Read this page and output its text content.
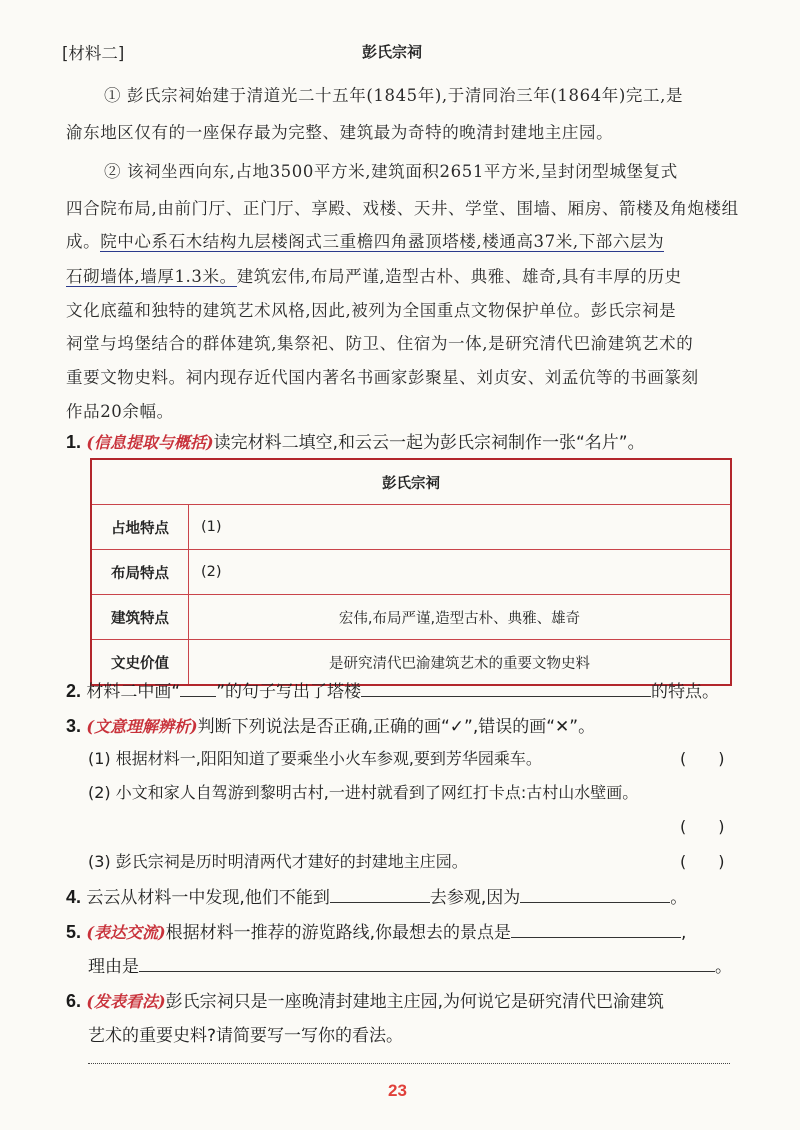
[材料二]	彭氏宗祠
① 彭氏宗祠始建于清道光二十五年(1845年),于清同治三年(1864年)完工,是
渝东地区仅有的一座保存最为完整、建筑最为奇特的晚清封建地主庄园。
② 该祠坐西向东,占地3500平方米,建筑面积2651平方米,呈封闭型城堡复式
四合院布局,由前门厅、正门厅、享殿、戏楼、天井、学堂、围墙、厢房、箭楼及角炮楼组
成。院中心系石木结构九层楼阁式三重檐四角盝顶塔楼,楼通高37米,下部六层为
石砌墙体,墙厚1.3米。建筑宏伟,布局严谨,造型古朴、典雅、雄奇,具有丰厚的历史
文化底蕴和独特的建筑艺术风格,因此,被列为全国重点文物保护单位。彭氏宗祠是
祠堂与坞堡结合的群体建筑,集祭祀、防卫、住宿为一体,是研究清代巴渝建筑艺术的
重要文物史料。祠内现存近代国内著名书画家彭聚星、刘贞安、刘孟伉等的书画篆刻
作品20余幅。
1. (信息提取与概括)读完材料二填空,和云云一起为彭氏宗祠制作一张“名片”。
彭氏宗祠	
占地特点	(1)
布局特点	(2)
建筑特点	宏伟,布局严谨,造型古朴、典雅、雄奇
文史价值	是研究清代巴渝建筑艺术的重要文物史料
2. 材料二中画“ ”的句子写出了塔楼	的特点。
3. (文意理解辨析)判断下列说法是否正确,正确的画“✓”,错误的画“✕”。
(1) 根据材料一,阳阳知道了要乘坐小火车参观,要到芳华园乘车。	(　　)
(2) 小文和家人自驾游到黎明古村,一进村就看到了网红打卡点:古村山水壁画。
(　　)
(3) 彭氏宗祠是历时明清两代才建好的封建地主庄园。	(　　)
4. 云云从材料一中发现,他们不能到	去参观,因为	。
5. (表达交流)根据材料一推荐的游览路线,你最想去的景点是	,
理由是	。
6. (发表看法)彭氏宗祠只是一座晚清封建地主庄园,为何说它是研究清代巴渝建筑
艺术的重要史料?请简要写一写你的看法。
23
